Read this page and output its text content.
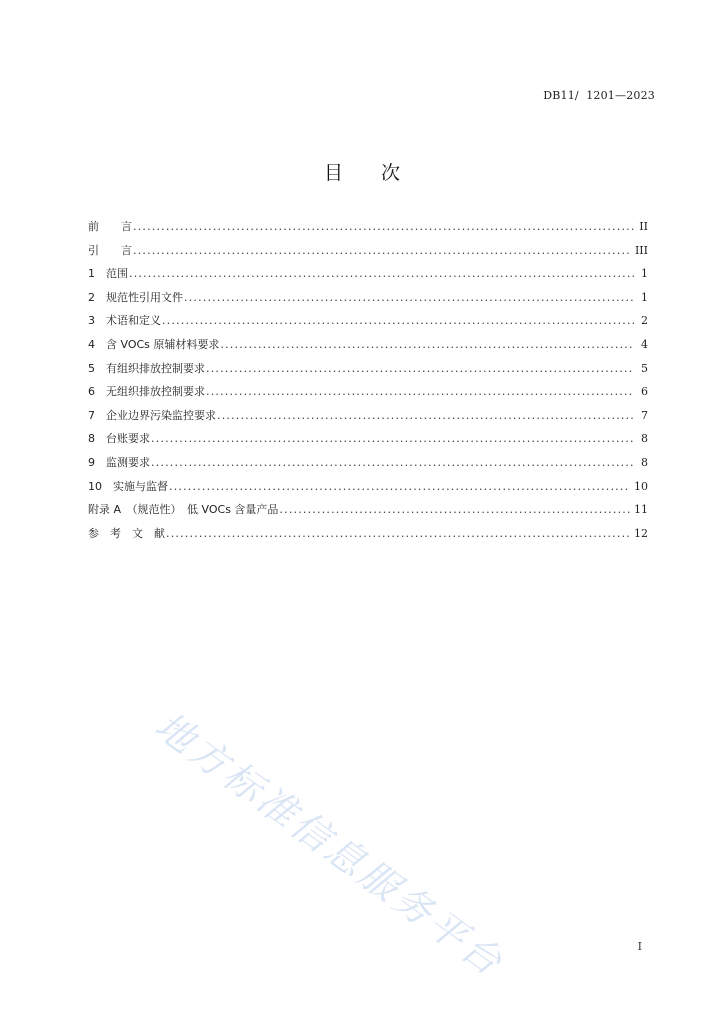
DB11/  1201—2023
目 次
前　　言 .....	II
引　　言 .....	III
1　范围 .....	1
2　规范性引用文件 .....	1
3　术语和定义 .....	2
4　含 VOCs 原辅材料要求 .....	4
5　有组织排放控制要求 .....	5
6　无组织排放控制要求 .....	6
7　企业边界污染监控要求 .....	7
8　台账要求 .....	8
9　监测要求 .....	8
10　实施与监督 .....	10
附录 A　（规范性）　低 VOCs 含量产品 .....	11
参　考　文　献 .....	12
地方标准信息服务平台	I
